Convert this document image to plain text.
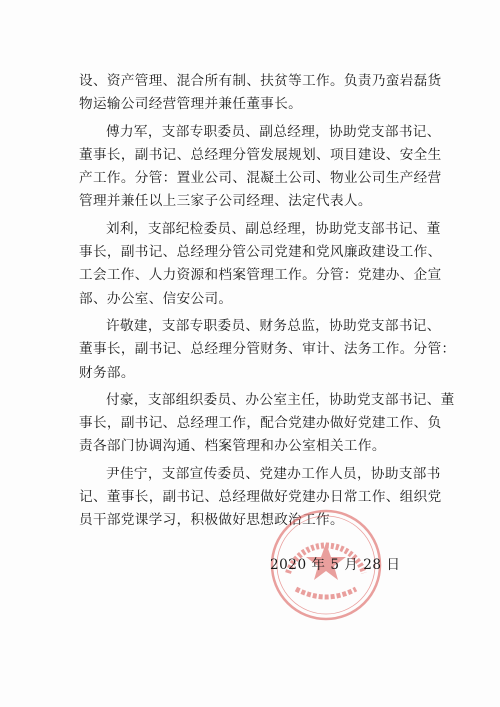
设、资产管理、混合所有制、扶贫等工作。负责乃蛮岩磊货
物运输公司经营管理并兼任董事长。
傅力军，支部专职委员、副总经理，协助党支部书记、
董事长，副书记、总经理分管发展规划、项目建设、安全生
产工作。分管：置业公司、混凝土公司、物业公司生产经营
管理并兼任以上三家子公司经理、法定代表人。
刘利，支部纪检委员、副总经理，协助党支部书记、董
事长，副书记、总经理分管公司党建和党风廉政建设工作、
工会工作、人力资源和档案管理工作。分管：党建办、企宣
部、办公室、信安公司。
许敬建，支部专职委员、财务总监，协助党支部书记、
董事长，副书记、总经理分管财务、审计、法务工作。分管：
财务部。
付豪，支部组织委员、办公室主任，协助党支部书记、董
事长，副书记、总经理工作，配合党建办做好党建工作、负
责各部门协调沟通、档案管理和办公室相关工作。
尹佳宁，支部宣传委员、党建办工作人员，协助支部书
记、董事长，副书记、总经理做好党建办日常工作、组织党
员干部党课学习，积极做好思想政治工作。
2020 年 5 月 28 日
